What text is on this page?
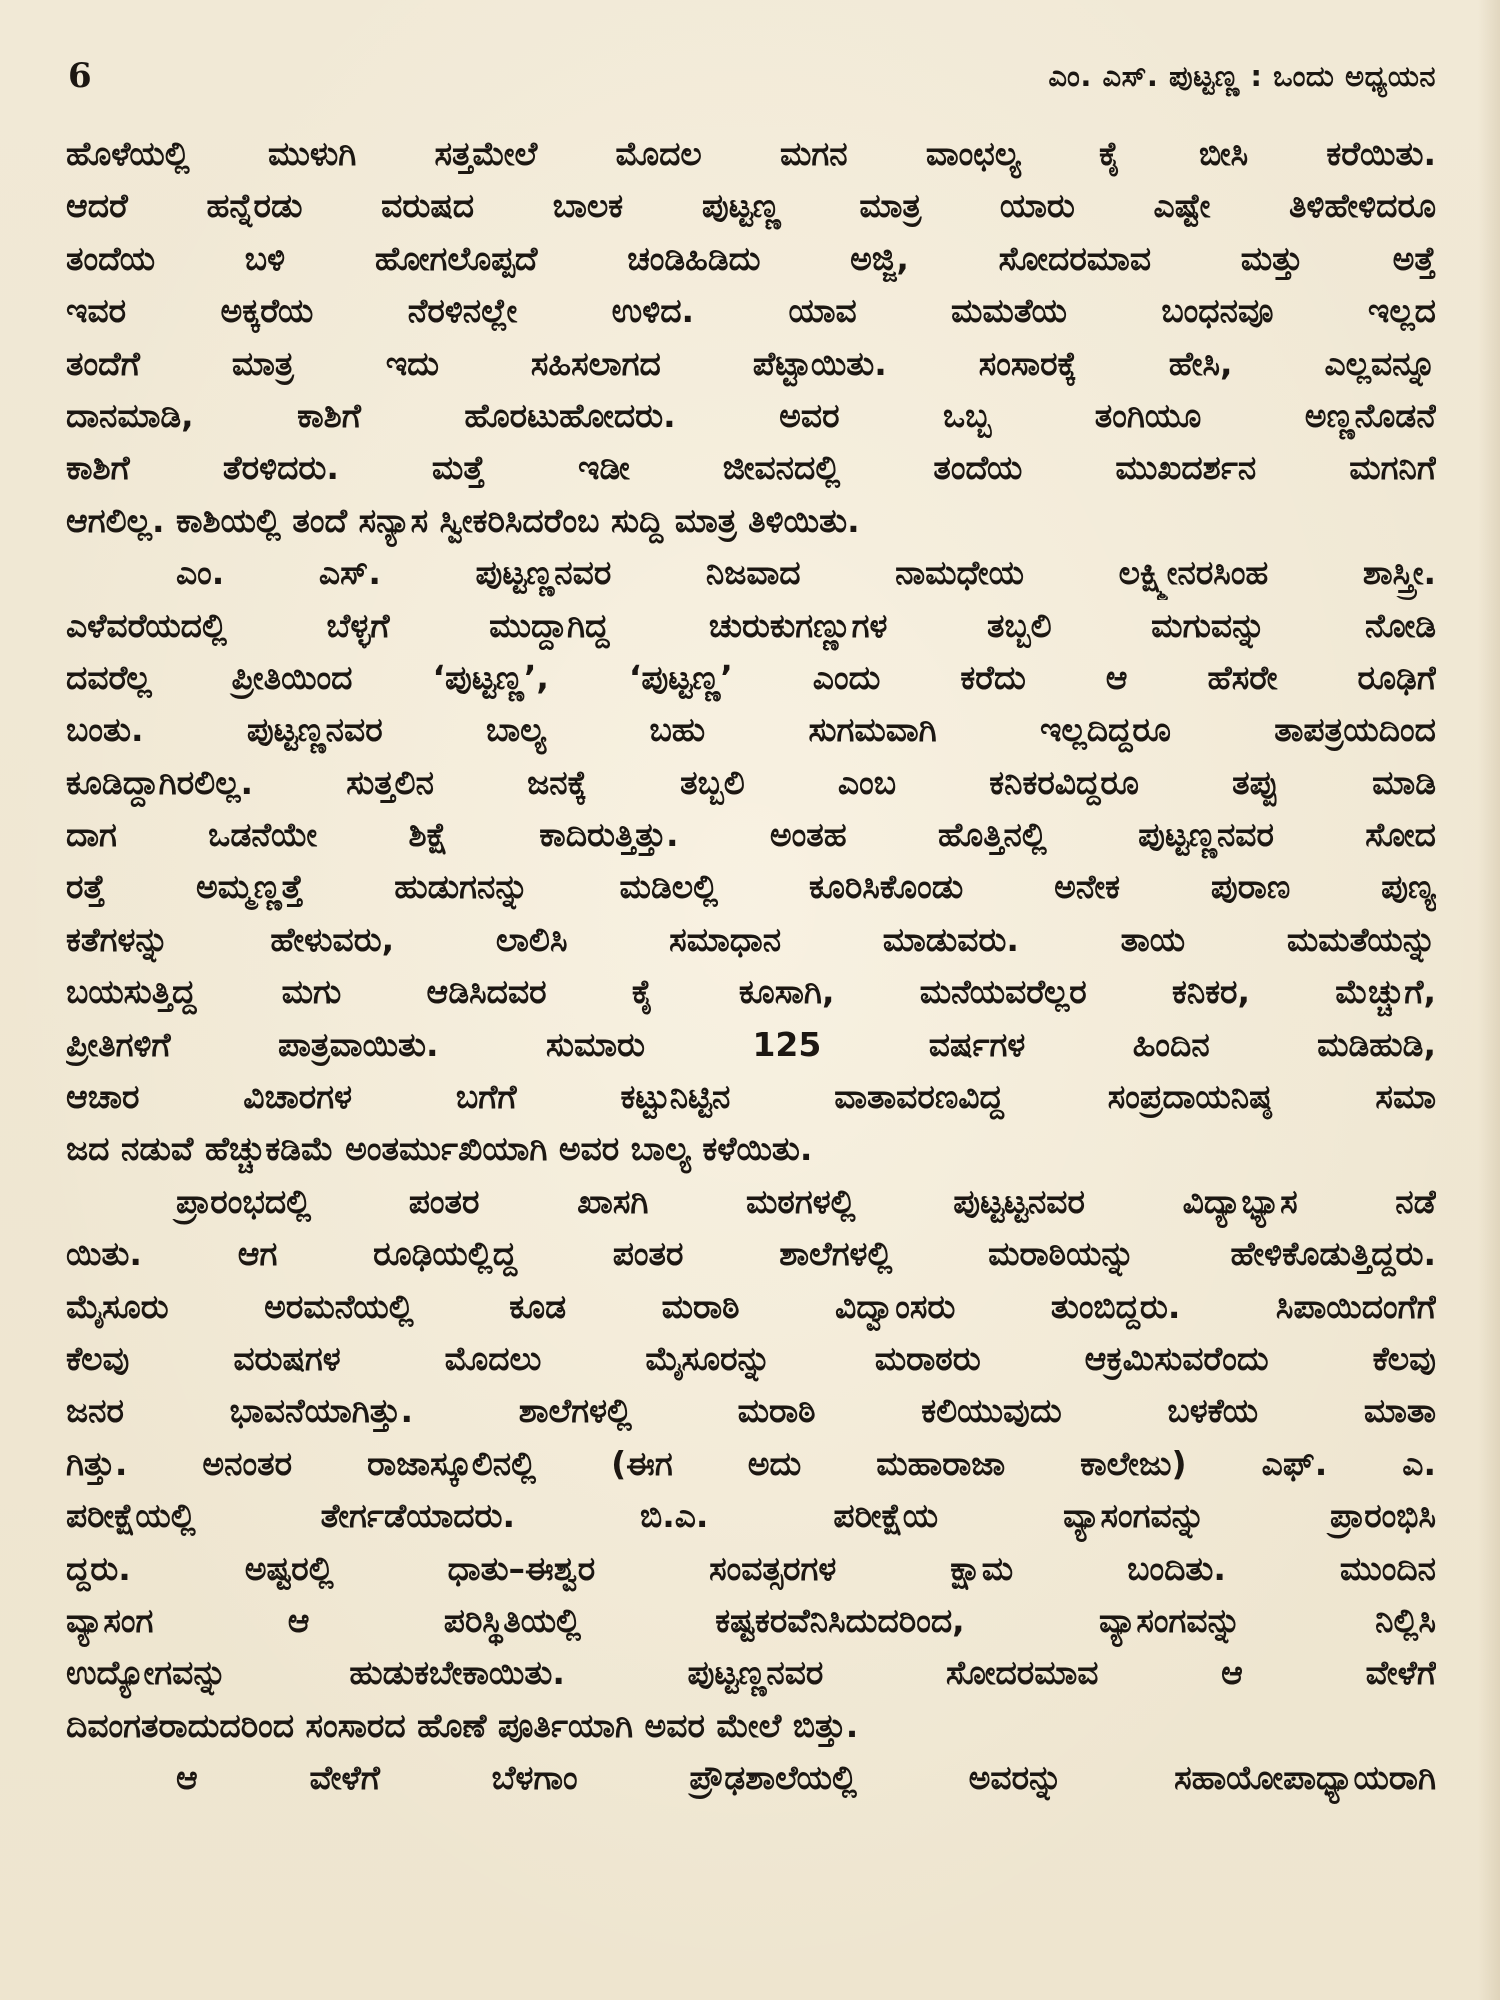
6	ಎಂ. ಎಸ್. ಪುಟ್ಟಣ್ಣ : ಒಂದು ಅಧ್ಯಯನ
ಹೊಳೆಯಲ್ಲಿ ಮುಳುಗಿ ಸತ್ತಮೇಲೆ ಮೊದಲ ಮಗನ ವಾಂಛಲ್ಯ ಕೈ ಬೀಸಿ ಕರೆಯಿತು.
ಆದರೆ ಹನ್ನೆರಡು ವರುಷದ ಬಾಲಕ ಪುಟ್ಟಣ್ಣ ಮಾತ್ರ ಯಾರು ಎಷ್ಟೇ ತಿಳಿಹೇಳಿದರೂ
ತಂದೆಯ ಬಳಿ ಹೋಗಲೊಪ್ಪದೆ ಚಂಡಿಹಿಡಿದು ಅಜ್ಜಿ, ಸೋದರಮಾವ ಮತ್ತು ಅತ್ತೆ
ಇವರ ಅಕ್ಕರೆಯ ನೆರಳಿನಲ್ಲೇ ಉಳಿದ. ಯಾವ ಮಮತೆಯ ಬಂಧನವೂ ಇಲ್ಲದ
ತಂದೆಗೆ ಮಾತ್ರ ಇದು ಸಹಿಸಲಾಗದ ಪೆಟ್ಟಾಯಿತು. ಸಂಸಾರಕ್ಕೆ ಹೇಸಿ, ಎಲ್ಲವನ್ನೂ
ದಾನಮಾಡಿ, ಕಾಶಿಗೆ ಹೊರಟುಹೋದರು. ಅವರ ಒಬ್ಬ ತಂಗಿಯೂ ಅಣ್ಣನೊಡನೆ
ಕಾಶಿಗೆ ತೆರಳಿದರು. ಮತ್ತೆ ಇಡೀ ಜೀವನದಲ್ಲಿ ತಂದೆಯ ಮುಖದರ್ಶನ ಮಗನಿಗೆ
ಆಗಲಿಲ್ಲ. ಕಾಶಿಯಲ್ಲಿ ತಂದೆ ಸನ್ಯಾಸ ಸ್ವೀಕರಿಸಿದರೆಂಬ ಸುದ್ದಿ ಮಾತ್ರ ತಿಳಿಯಿತು.
ಎಂ. ಎಸ್. ಪುಟ್ಟಣ್ಣನವರ ನಿಜವಾದ ನಾಮಧೇಯ ಲಕ್ಷ್ಮೀನರಸಿಂಹ ಶಾಸ್ತ್ರೀ.
ಎಳೆವರೆಯದಲ್ಲಿ ಬೆಳ್ಳಗೆ ಮುದ್ದಾಗಿದ್ದ ಚುರುಕುಗಣ್ಣುಗಳ ತಬ್ಬಲಿ ಮಗುವನ್ನು ನೋಡಿ
ದವರೆಲ್ಲ ಪ್ರೀತಿಯಿಂದ ‘ಪುಟ್ಟಣ್ಣ’, ‘ಪುಟ್ಟಣ್ಣ’ ಎಂದು ಕರೆದು ಆ ಹೆಸರೇ ರೂಢಿಗೆ
ಬಂತು. ಪುಟ್ಟಣ್ಣನವರ ಬಾಲ್ಯ ಬಹು ಸುಗಮವಾಗಿ ಇಲ್ಲದಿದ್ದರೂ ತಾಪತ್ರಯದಿಂದ
ಕೂಡಿದ್ದಾಗಿರಲಿಲ್ಲ. ಸುತ್ತಲಿನ ಜನಕ್ಕೆ ತಬ್ಬಲಿ ಎಂಬ ಕನಿಕರವಿದ್ದರೂ ತಪ್ಪು ಮಾಡಿ
ದಾಗ ಒಡನೆಯೇ ಶಿಕ್ಷೆ ಕಾದಿರುತ್ತಿತ್ತು. ಅಂತಹ ಹೊತ್ತಿನಲ್ಲಿ ಪುಟ್ಟಣ್ಣನವರ ಸೋದ
ರತ್ತೆ ಅಮ್ಮಣ್ಣತ್ತೆ ಹುಡುಗನನ್ನು ಮಡಿಲಲ್ಲಿ ಕೂರಿಸಿಕೊಂಡು ಅನೇಕ ಪುರಾಣ ಪುಣ್ಯ
ಕತೆಗಳನ್ನು ಹೇಳುವರು, ಲಾಲಿಸಿ ಸಮಾಧಾನ ಮಾಡುವರು. ತಾಯ ಮಮತೆಯನ್ನು
ಬಯಸುತ್ತಿದ್ದ ಮಗು ಆಡಿಸಿದವರ ಕೈ ಕೂಸಾಗಿ, ಮನೆಯವರೆಲ್ಲರ ಕನಿಕರ, ಮೆಚ್ಚುಗೆ,
ಪ್ರೀತಿಗಳಿಗೆ ಪಾತ್ರವಾಯಿತು. ಸುಮಾರು 125 ವರ್ಷಗಳ ಹಿಂದಿನ ಮಡಿಹುಡಿ,
ಆಚಾರ ವಿಚಾರಗಳ ಬಗೆಗೆ ಕಟ್ಟುನಿಟ್ಟಿನ ವಾತಾವರಣವಿದ್ದ ಸಂಪ್ರದಾಯನಿಷ್ಠ ಸಮಾ
ಜದ ನಡುವೆ ಹೆಚ್ಚುಕಡಿಮೆ ಅಂತರ್ಮುಖಿಯಾಗಿ ಅವರ ಬಾಲ್ಯ ಕಳೆಯಿತು.
ಪ್ರಾರಂಭದಲ್ಲಿ ಪಂತರ ಖಾಸಗಿ ಮಠಗಳಲ್ಲಿ ಪುಟ್ಟಟ್ಟನವರ ವಿದ್ಯಾಭ್ಯಾಸ ನಡೆ
ಯಿತು. ಆಗ ರೂಢಿಯಲ್ಲಿದ್ದ ಪಂತರ ಶಾಲೆಗಳಲ್ಲಿ ಮರಾಠಿಯನ್ನು ಹೇಳಿಕೊಡುತ್ತಿದ್ದರು.
ಮೈಸೂರು ಅರಮನೆಯಲ್ಲಿ ಕೂಡ ಮರಾಠಿ ವಿದ್ವಾಂಸರು ತುಂಬಿದ್ದರು. ಸಿಪಾಯಿದಂಗೆಗೆ
ಕೆಲವು ವರುಷಗಳ ಮೊದಲು ಮೈಸೂರನ್ನು ಮರಾಠರು ಆಕ್ರಮಿಸುವರೆಂದು ಕೆಲವು
ಜನರ ಭಾವನೆಯಾಗಿತ್ತು. ಶಾಲೆಗಳಲ್ಲಿ ಮರಾಠಿ ಕಲಿಯುವುದು ಬಳಕೆಯ ಮಾತಾ
ಗಿತ್ತು. ಅನಂತರ ರಾಜಾಸ್ಕೂಲಿನಲ್ಲಿ (ಈಗ ಅದು ಮಹಾರಾಜಾ ಕಾಲೇಜು) ಎಫ್. ಎ.
ಪರೀಕ್ಷೆಯಲ್ಲಿ ತೇರ್ಗಡೆಯಾದರು. ಬಿ.ಎ. ಪರೀಕ್ಷೆಯ ವ್ಯಾಸಂಗವನ್ನು ಪ್ರಾರಂಭಿಸಿ
ದ್ದರು. ಅಷ್ಟರಲ್ಲಿ ಧಾತು–ಈಶ್ವರ ಸಂವತ್ಸರಗಳ ಕ್ಷಾಮ ಬಂದಿತು. ಮುಂದಿನ
ವ್ಯಾಸಂಗ ಆ ಪರಿಸ್ಥಿತಿಯಲ್ಲಿ ಕಷ್ಟಕರವೆನಿಸಿದುದರಿಂದ, ವ್ಯಾಸಂಗವನ್ನು ನಿಲ್ಲಿಸಿ
ಉದ್ಯೋಗವನ್ನು ಹುಡುಕಬೇಕಾಯಿತು. ಪುಟ್ಟಣ್ಣನವರ ಸೋದರಮಾವ ಆ ವೇಳೆಗೆ
ದಿವಂಗತರಾದುದರಿಂದ ಸಂಸಾರದ ಹೊಣೆ ಪೂರ್ತಿಯಾಗಿ ಅವರ ಮೇಲೆ ಬಿತ್ತು.
ಆ ವೇಳೆಗೆ ಬೆಳಗಾಂ ಪ್ರೌಢಶಾಲೆಯಲ್ಲಿ ಅವರನ್ನು ಸಹಾಯೋಪಾಧ್ಯಾಯರಾಗಿ
